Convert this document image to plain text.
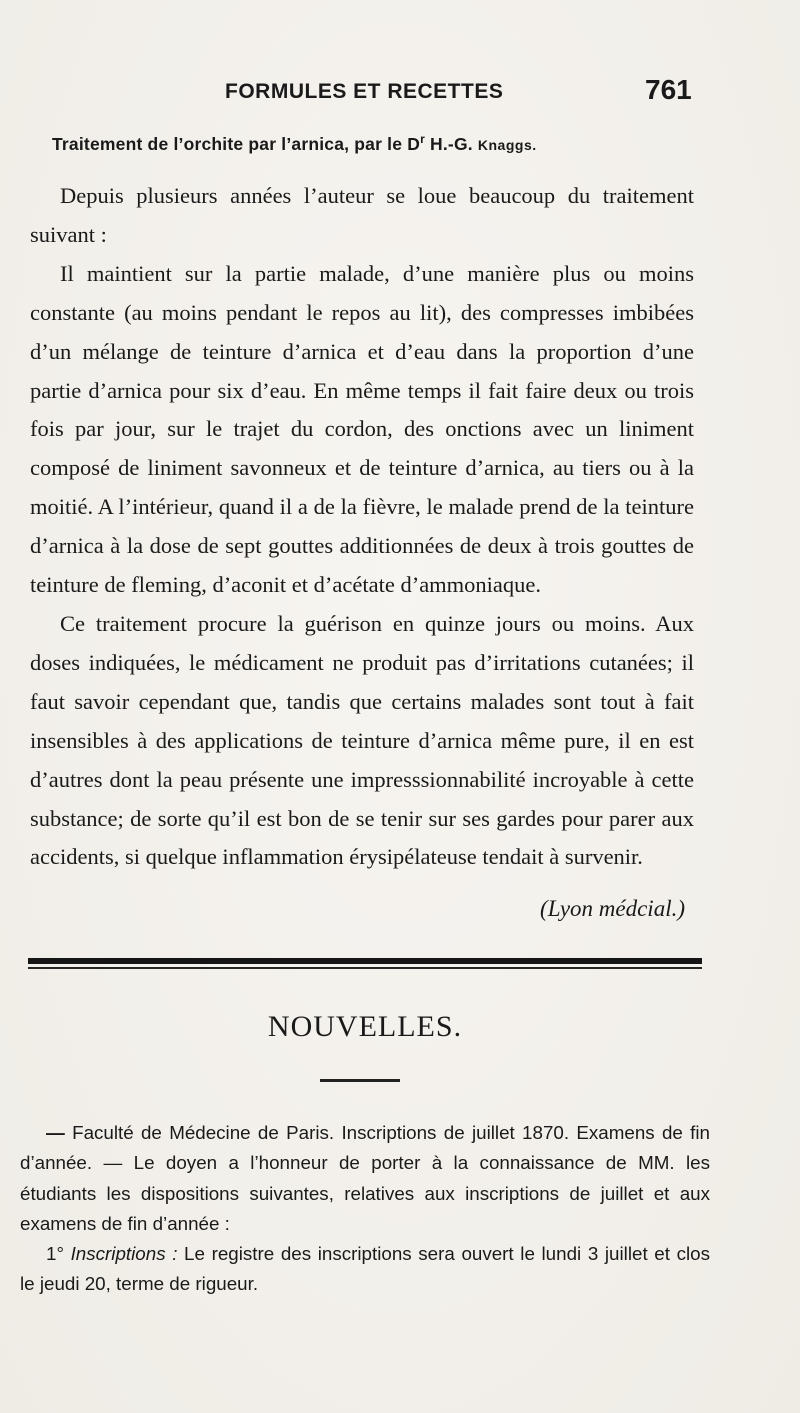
FORMULES ET RECETTES	761
Traitement de l’orchite par l’arnica, par le $D^r$ H.-G. Knaggs.

Depuis plusieurs années l’auteur se loue beaucoup du traitement suivant :

Il maintient sur la partie malade, d’une manière plus ou moins constante (au moins pendant le repos au lit), des compresses imbibées d’un mélange de teinture d’arnica et d’eau dans la proportion d’une partie d’arnica pour six d’eau. En même temps il fait faire deux ou trois fois par jour, sur le trajet du cordon, des onctions avec un liniment composé de liniment savonneux et de teinture d’arnica, au tiers ou à la moitié. A l’intérieur, quand il a de la fièvre, le malade prend de la teinture d’arnica à la dose de sept gouttes additionnées de deux à trois gouttes de teinture de fleming, d’aconit et d’acétate d’ammoniaque.

Ce traitement procure la guérison en quinze jours ou moins. Aux doses indiquées, le médicament ne produit pas d’irritations cutanées; il faut savoir cependant que, tandis que certains malades sont tout à fait insensibles à des applications de teinture d’arnica même pure, il en est d’autres dont la peau présente une impresssionnabilité incroyable à cette substance; de sorte qu’il est bon de se tenir sur ses gardes pour parer aux accidents, si quelque inflammation érysipélateuse tendait à survenir.

(Lyon médcial.)
NOUVELLES.

— Faculté de Médecine de Paris. Inscriptions de juillet 1870. Examens de fin d’année. — Le doyen a l’honneur de porter à la connaissance de MM. les étudiants les dispositions suivantes, relatives aux inscriptions de juillet et aux examens de fin d’année :

1° Inscriptions : Le registre des inscriptions sera ouvert le lundi 3 juillet et clos le jeudi 20, terme de rigueur.
